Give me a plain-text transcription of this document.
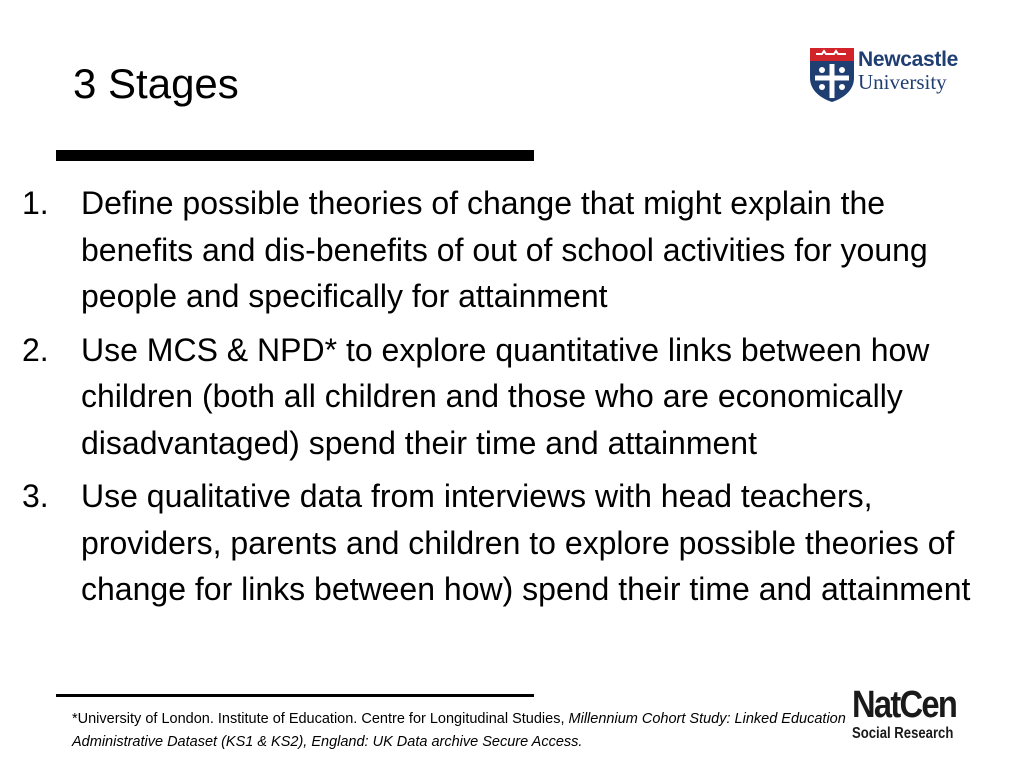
3 Stages
Newcastle
University
1. Define possible theories of change that might explain the benefits and dis-benefits of out of school activities for young people and specifically for attainment
2. Use MCS & NPD* to explore quantitative links between how children (both all children and those who are economically disadvantaged) spend their time and attainment
3. Use qualitative data from interviews with head teachers, providers, parents and children to explore possible theories of change for links between how) spend their time and attainment
*University of London. Institute of Education. Centre for Longitudinal Studies, Millennium Cohort Study: Linked Education Administrative Dataset (KS1 & KS2), England: UK Data archive Secure Access.
NatCen
Social Research
